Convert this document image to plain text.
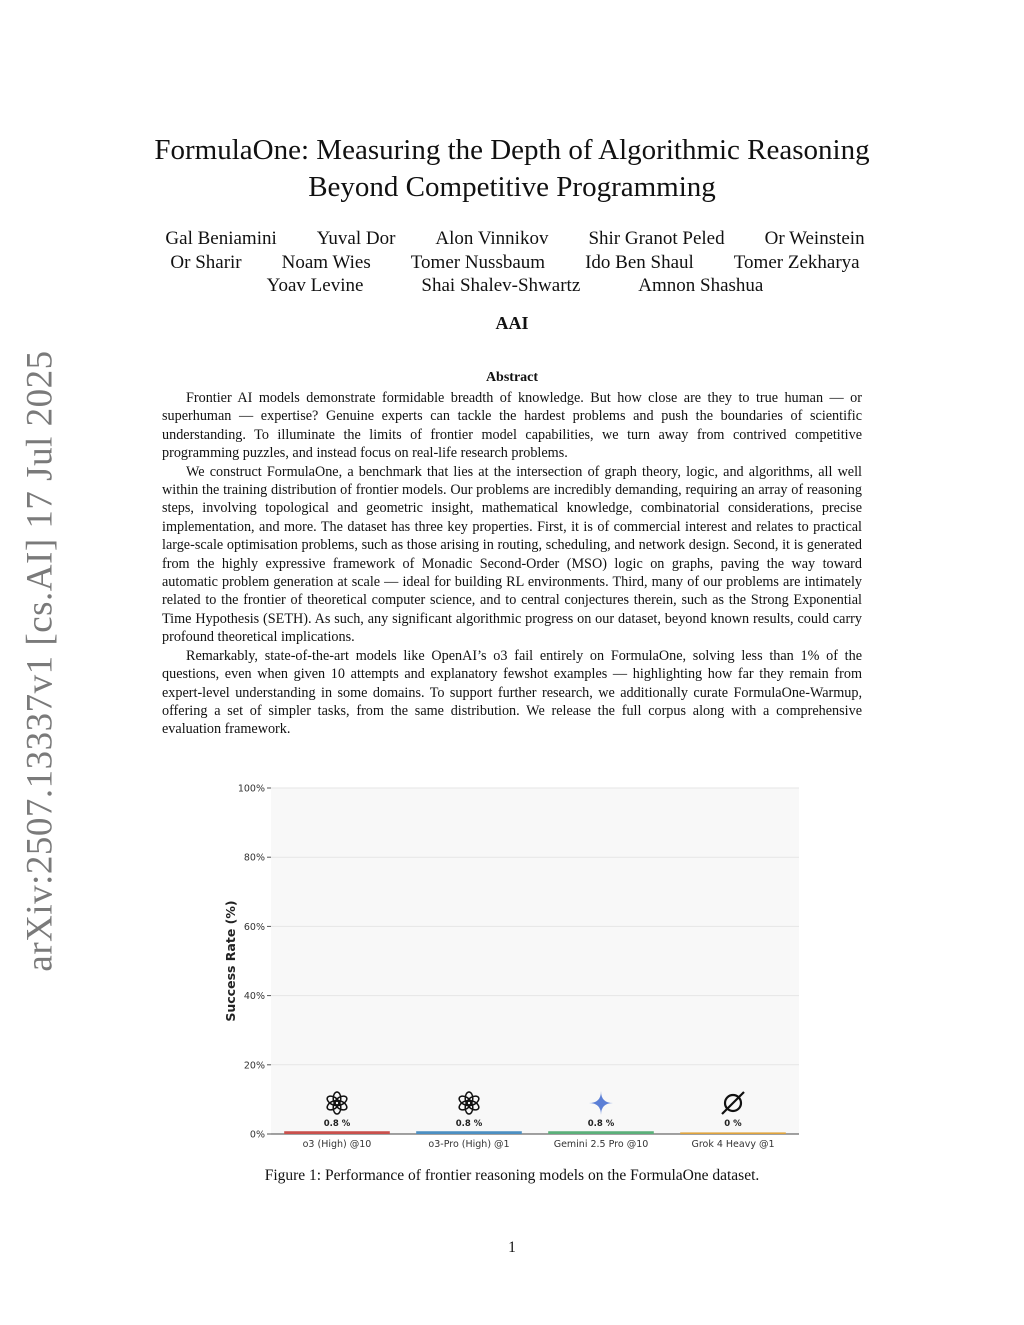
arXiv:2507.13337v1 [cs.AI] 17 Jul 2025
FormulaOne: Measuring the Depth of Algorithmic Reasoning
Beyond Competitive Programming
Gal Beniamini Yuval Dor Alon Vinnikov Shir Granot Peled Or Weinstein
Or Sharir Noam Wies Tomer Nussbaum Ido Ben Shaul Tomer Zekharya
Yoav Levine	Shai Shalev-Shwartz	Amnon Shashua
AAI
Abstract

Frontier AI models demonstrate formidable breadth of knowledge. But how close are they to true human — or superhuman — expertise? Genuine experts can tackle the hardest problems and push the boundaries of scientific understanding. To illuminate the limits of frontier model capabilities, we turn away from contrived competitive programming puzzles, and instead focus on real-life research problems.

We construct FormulaOne, a benchmark that lies at the intersection of graph theory, logic, and algorithms, all well within the training distribution of frontier models. Our problems are incredibly demanding, requiring an array of reasoning steps, involving topological and geometric insight, mathematical knowledge, combinatorial considerations, precise implementation, and more. The dataset has three key properties. First, it is of commercial interest and relates to practical large-scale optimisation problems, such as those arising in routing, scheduling, and network design. Second, it is generated from the highly expressive framework of Monadic Second-Order (MSO) logic on graphs, paving the way toward automatic problem generation at scale — ideal for building RL environments. Third, many of our problems are intimately related to the frontier of theoretical computer science, and to central conjectures therein, such as the Strong Exponential Time Hypothesis (SETH). As such, any significant algorithmic progress on our dataset, beyond known results, could carry profound theoretical implications.

Remarkably, state-of-the-art models like OpenAI’s o3 fail entirely on FormulaOne, solving less than 1% of the questions, even when given 10 attempts and explanatory fewshot examples — highlighting how far they remain from expert-level understanding in some domains. To support further research, we additionally curate FormulaOne-Warmup, offering a set of simpler tasks, from the same distribution. We release the full corpus along with a comprehensive evaluation framework.

0%
20%
40%
60%
80%
100%
Success Rate (%)
0.8 %
o3 (High) @10
0.8 %
o3-Pro (High) @1
0.8 %
Gemini 2.5 Pro @10
0 %
Grok 4 Heavy @1
Figure 1: Performance of frontier reasoning models on the FormulaOne dataset.
1
